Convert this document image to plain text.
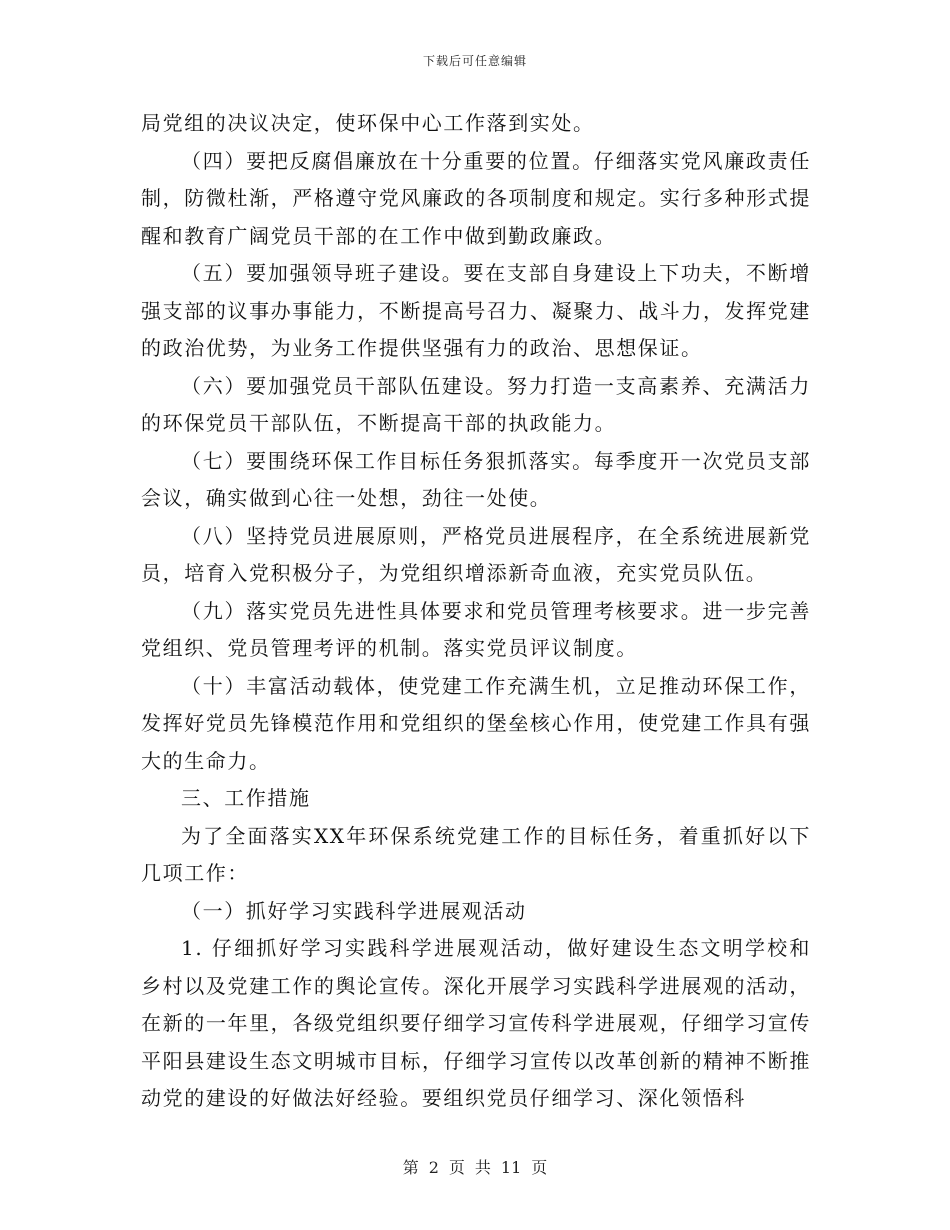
下载后可任意编辑

局党组的决议决定，使环保中心工作落到实处。

（四）要把反腐倡廉放在十分重要的位置。仔细落实党风廉政责任制，防微杜渐，严格遵守党风廉政的各项制度和规定。实行多种形式提醒和教育广阔党员干部的在工作中做到勤政廉政。

（五）要加强领导班子建设。要在支部自身建设上下功夫，不断增强支部的议事办事能力，不断提高号召力、凝聚力、战斗力，发挥党建的政治优势，为业务工作提供坚强有力的政治、思想保证。

（六）要加强党员干部队伍建设。努力打造一支高素养、充满活力的环保党员干部队伍，不断提高干部的执政能力。

（七）要围绕环保工作目标任务狠抓落实。每季度开一次党员支部会议，确实做到心往一处想，劲往一处使。

（八）坚持党员进展原则，严格党员进展程序，在全系统进展新党员，培育入党积极分子，为党组织增添新奇血液，充实党员队伍。

（九）落实党员先进性具体要求和党员管理考核要求。进一步完善党组织、党员管理考评的机制。落实党员评议制度。

（十）丰富活动载体，使党建工作充满生机，立足推动环保工作，发挥好党员先锋模范作用和党组织的堡垒核心作用，使党建工作具有强大的生命力。

三、工作措施

为了全面落实XX年环保系统党建工作的目标任务，着重抓好以下几项工作：

（一）抓好学习实践科学进展观活动

1. 仔细抓好学习实践科学进展观活动，做好建设生态文明学校和乡村以及党建工作的舆论宣传。深化开展学习实践科学进展观的活动，在新的一年里，各级党组织要仔细学习宣传科学进展观，仔细学习宣传平阳县建设生态文明城市目标，仔细学习宣传以改革创新的精神不断推动党的建设的好做法好经验。要组织党员仔细学习、深化领悟科

第 2 页 共 11 页
